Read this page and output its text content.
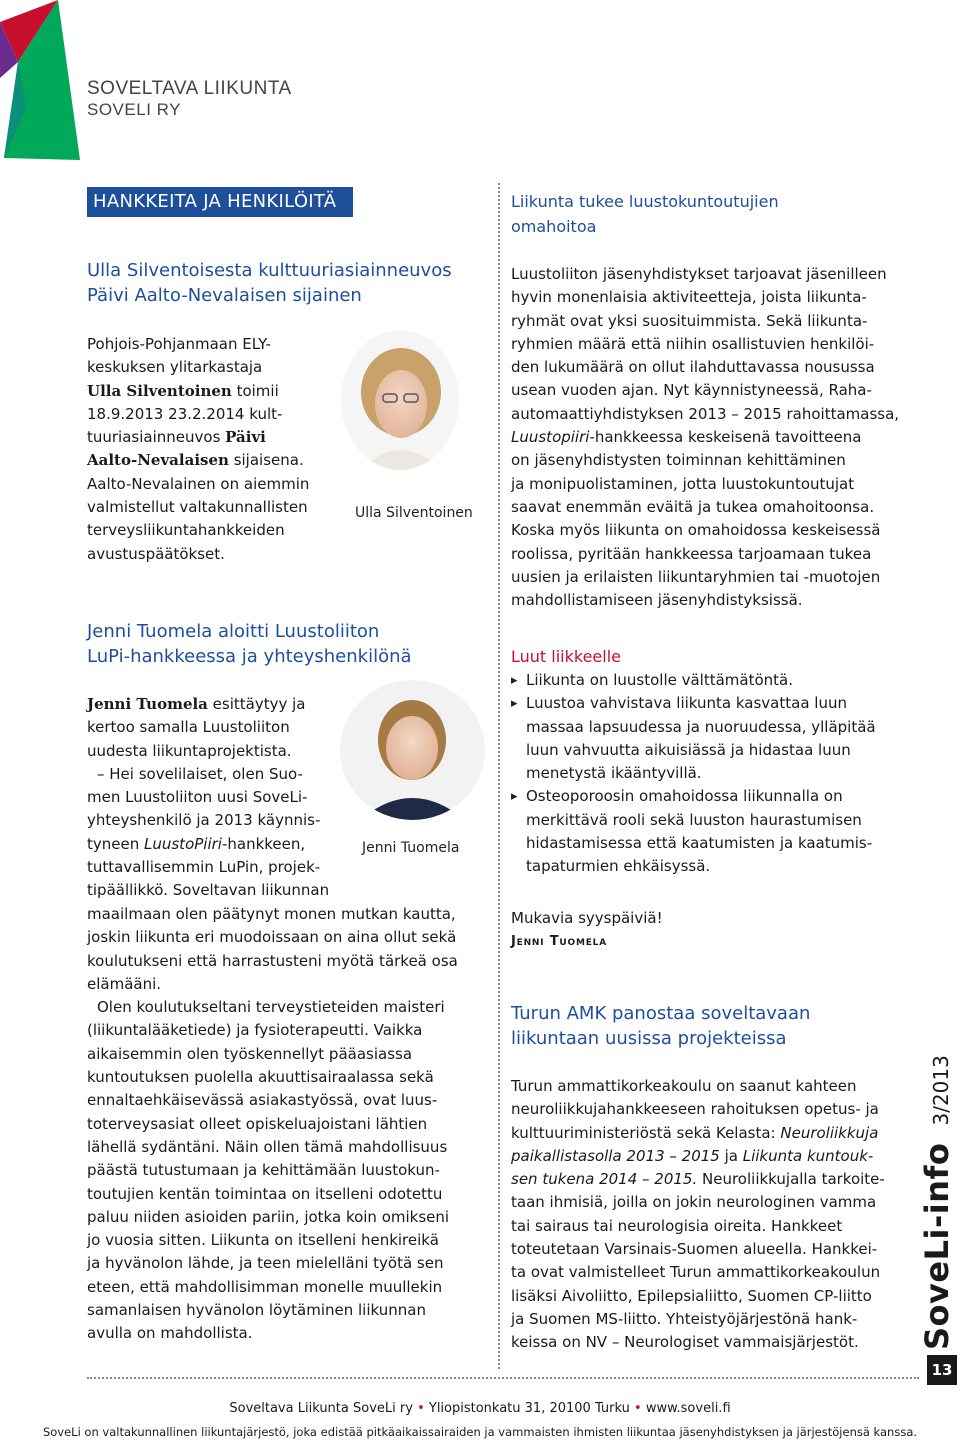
SOVELTAVA LIIKUNTA
SOVELI RY
HANKKEITA JA HENKILÖITÄ
Ulla Silventoisesta kulttuuriasiainneuvos
Päivi Aalto-Nevalaisen sijainen

Pohjois-Pohjanmaan ELY-

keskuksen ylitarkastaja

Ulla Silventoinen toimii

18.9.2013 23.2.2014 kult-

tuuriasiainneuvos Päivi

Aalto-Nevalaisen sijaisena.

Aalto-Nevalainen on aiemmin

valmistellut valtakunnallisten

terveysliikuntahankkeiden

avustuspäätökset.

Ulla Silventoinen
Jenni Tuomela aloitti Luustoliiton
LuPi-hankkeessa ja yhteyshenkilönä

Jenni Tuomela esittäytyy ja

kertoo samalla Luustoliiton

uudesta liikuntaprojektista.

– Hei sovelilaiset, olen Suo-

men Luustoliiton uusi SoveLi-

yhteyshenkilö ja 2013 käynnis-

tyneen LuustoPiiri-hankkeen,

tuttavallisemmin LuPin, projek-

tipäällikkö. Soveltavan liikunnan

maailmaan olen päätynyt monen mutkan kautta,

joskin liikunta eri muodoissaan on aina ollut sekä

koulutukseni että harrastusteni myötä tärkeä osa

elämääni.

Olen koulutukseltani terveystieteiden maisteri

(liikuntalääketiede) ja fysioterapeutti. Vaikka

aikaisemmin olen työskennellyt pääasiassa

kuntoutuksen puolella akuuttisairaalassa sekä

ennaltaehkäisevässä asiakastyössä, ovat luus-

toterveysasiat olleet opiskeluajoistani lähtien

lähellä sydäntäni. Näin ollen tämä mahdollisuus

päästä tutustumaan ja kehittämään luustokun-

toutujien kentän toimintaa on itselleni odotettu

paluu niiden asioiden pariin, jotka koin omikseni

jo vuosia sitten. Liikunta on itselleni henkireikä

ja hyvänolon lähde, ja teen mielelläni työtä sen

eteen, että mahdollisimman monelle muullekin

samanlaisen hyvänolon löytäminen liikunnan

avulla on mahdollista.

Jenni Tuomela
Liikunta tukee luustokuntoutujien
omahoitoa

Luustoliiton jäsenyhdistykset tarjoavat jäsenilleen

hyvin monenlaisia aktiviteetteja, joista liikunta-

ryhmät ovat yksi suosituimmista. Sekä liikunta-

ryhmien määrä että niihin osallistuvien henkilöi-

den lukumäärä on ollut ilahduttavassa nousussa

usean vuoden ajan. Nyt käynnistyneessä, Raha-

automaattiyhdistyksen 2013 – 2015 rahoittamassa,

Luustopiiri-hankkeessa keskeisenä tavoitteena

on jäsenyhdistysten toiminnan kehittäminen

ja monipuolistaminen, jotta luustokuntoutujat

saavat enemmän eväitä ja tukea omahoitoonsa.

Koska myös liikunta on omahoidossa keskeisessä

roolissa, pyritään hankkeessa tarjoamaan tukea

uusien ja erilaisten liikuntaryhmien tai -muotojen

mahdollistamiseen jäsenyhdistyksissä.

Luut liikkeelle
▸ Liikunta on luustolle välttämätöntä.
▸ Luustoa vahvistava liikunta kasvattaa luun
massaa lapsuudessa ja nuoruudessa, ylläpitää
luun vahvuutta aikuisiässä ja hidastaa luun
menetystä ikääntyvillä.
▸ Osteoporoosin omahoidossa liikunnalla on
merkittävä rooli sekä luuston haurastumisen
hidastamisessa että kaatumisten ja kaatumis-
tapaturmien ehkäisyssä.
Mukavia syyspäiviä!
Jenni Tuomela
Turun AMK panostaa soveltavaan
liikuntaan uusissa projekteissa

Turun ammattikorkeakoulu on saanut kahteen

neuroliikkujahankkeeseen rahoituksen opetus- ja

kulttuuriministeriöstä sekä Kelasta: Neuroliikkuja

paikallistasolla 2013 – 2015 ja Liikunta kuntouk-

sen tukena 2014 – 2015. Neuroliikkujalla tarkoite-

taan ihmisiä, joilla on jokin neurologinen vamma

tai sairaus tai neurologisia oireita. Hankkeet

toteutetaan Varsinais-Suomen alueella. Hankkei-

ta ovat valmistelleet Turun ammattikorkeakoulun

lisäksi Aivoliitto, Epilepsialiitto, Suomen CP-liitto

ja Suomen MS-liitto. Yhteistyöjärjestönä hank-

keissa on NV – Neurologiset vammaisjärjestöt.	SoveLi-info 3/2013
13
Soveltava Liikunta SoveLi ry • Yliopistonkatu 31, 20100 Turku • www.soveli.fi
SoveLi on valtakunnallinen liikuntajärjestö, joka edistää pitkäaikaissairaiden ja vammaisten ihmisten liikuntaa jäsenyhdistyksen ja järjestöjensä kanssa.
